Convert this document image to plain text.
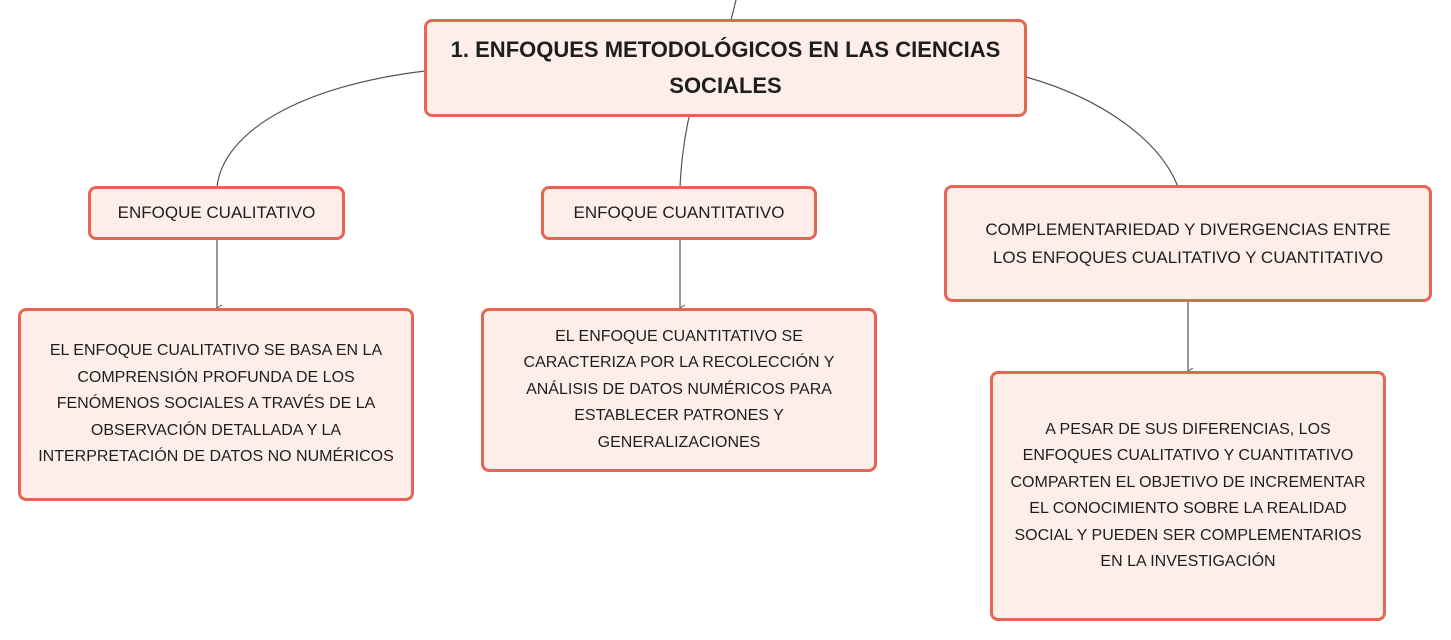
1. ENFOQUES METODOLÓGICOS EN LAS CIENCIAS SOCIALES
ENFOQUE CUALITATIVO	ENFOQUE CUANTITATIVO
COMPLEMENTARIEDAD Y DIVERGENCIAS ENTRE LOS ENFOQUES CUALITATIVO Y CUANTITATIVO
EL ENFOQUE CUALITATIVO SE BASA EN LA COMPRENSIÓN PROFUNDA DE LOS FENÓMENOS SOCIALES A TRAVÉS DE LA OBSERVACIÓN DETALLADA Y LA INTERPRETACIÓN DE DATOS NO NUMÉRICOS
EL ENFOQUE CUANTITATIVO SE CARACTERIZA POR LA RECOLECCIÓN Y ANÁLISIS DE DATOS NUMÉRICOS PARA ESTABLECER PATRONES Y GENERALIZACIONES
A PESAR DE SUS DIFERENCIAS, LOS ENFOQUES CUALITATIVO Y CUANTITATIVO COMPARTEN EL OBJETIVO DE INCREMENTAR EL CONOCIMIENTO SOBRE LA REALIDAD SOCIAL Y PUEDEN SER COMPLEMENTARIOS EN LA INVESTIGACIÓN
